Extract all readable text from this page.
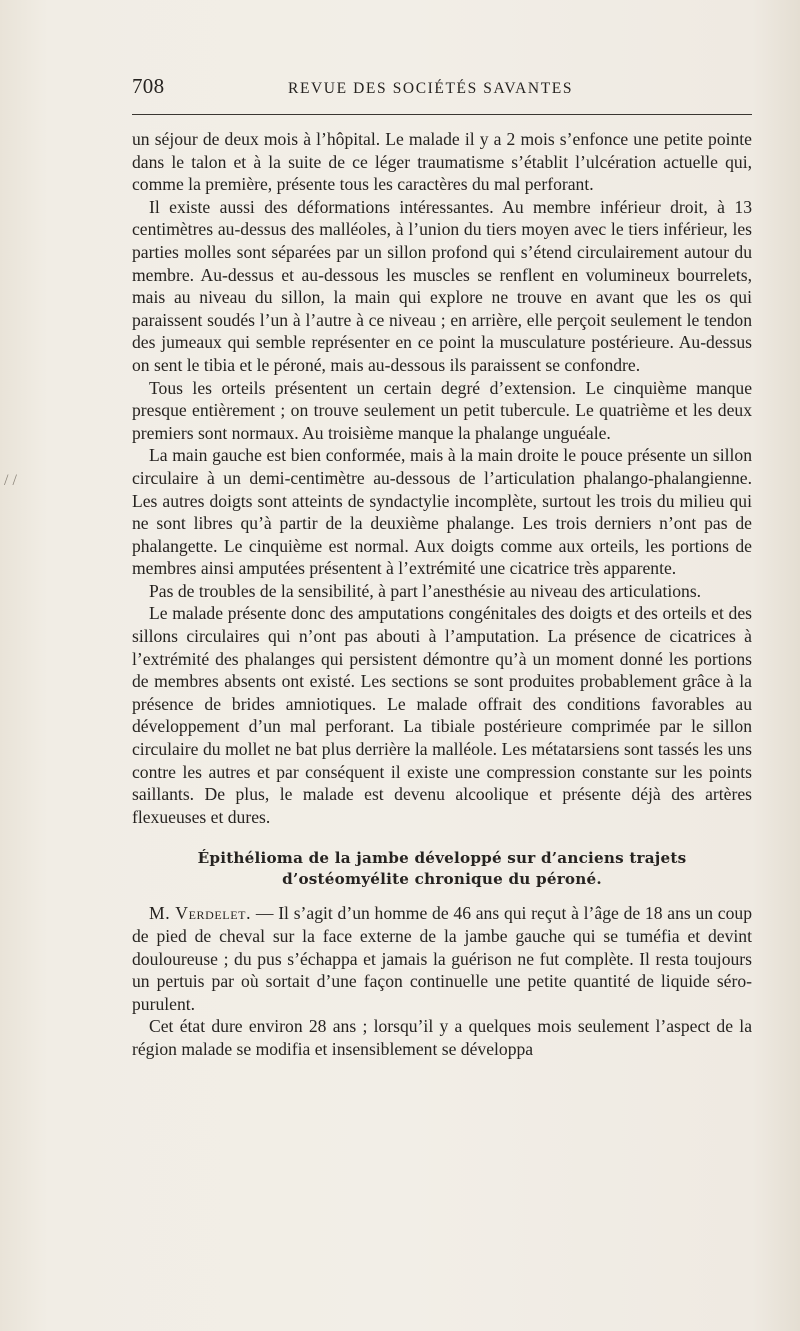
708	REVUE DES SOCIÉTÉS SAVANTES
/ /

un séjour de deux mois à l’hôpital. Le malade il y a 2 mois s’enfonce une petite pointe dans le talon et à la suite de ce léger traumatisme s’établit l’ulcération actuelle qui, comme la première, présente tous les caractères du mal perforant.

Il existe aussi des déformations intéressantes. Au membre inférieur droit, à 13 centimètres au-dessus des malléoles, à l’union du tiers moyen avec le tiers inférieur, les parties molles sont séparées par un sillon profond qui s’étend circulairement autour du membre. Au-dessus et au-dessous les muscles se renflent en volumineux bourrelets, mais au niveau du sillon, la main qui explore ne trouve en avant que les os qui paraissent soudés l’un à l’autre à ce niveau ; en arrière, elle perçoit seulement le tendon des jumeaux qui semble représenter en ce point la musculature postérieure. Au-dessus on sent le tibia et le péroné, mais au-dessous ils paraissent se confondre.

Tous les orteils présentent un certain degré d’extension. Le cinquième manque presque entièrement ; on trouve seulement un petit tubercule. Le quatrième et les deux premiers sont normaux. Au troisième manque la phalange unguéale.

La main gauche est bien conformée, mais à la main droite le pouce présente un sillon circulaire à un demi-centimètre au-dessous de l’articulation phalango-phalangienne. Les autres doigts sont atteints de syndactylie incomplète, surtout les trois du milieu qui ne sont libres qu’à partir de la deuxième phalange. Les trois derniers n’ont pas de phalangette. Le cinquième est normal. Aux doigts comme aux orteils, les portions de membres ainsi amputées présentent à l’extrémité une cicatrice très apparente.

Pas de troubles de la sensibilité, à part l’anesthésie au niveau des articulations.

Le malade présente donc des amputations congénitales des doigts et des orteils et des sillons circulaires qui n’ont pas abouti à l’amputation. La présence de cicatrices à l’extrémité des phalanges qui persistent démontre qu’à un moment donné les portions de membres absents ont existé. Les sections se sont produites probablement grâce à la présence de brides amniotiques. Le malade offrait des conditions favorables au développement d’un mal perforant. La tibiale postérieure comprimée par le sillon circulaire du mollet ne bat plus derrière la malléole. Les métatarsiens sont tassés les uns contre les autres et par conséquent il existe une compression constante sur les points saillants. De plus, le malade est devenu alcoolique et présente déjà des artères flexueuses et dures.

Épithélioma de la jambe développé sur d’anciens trajets
d’ostéomyélite chronique du péroné.

M. Verdelet. — Il s’agit d’un homme de 46 ans qui reçut à l’âge de 18 ans un coup de pied de cheval sur la face externe de la jambe gauche qui se tuméfia et devint douloureuse ; du pus s’échappa et jamais la guérison ne fut complète. Il resta toujours un pertuis par où sortait d’une façon continuelle une petite quantité de liquide séro-purulent.

Cet état dure environ 28 ans ; lorsqu’il y a quelques mois seulement l’aspect de la région malade se modifia et insensiblement se développa
